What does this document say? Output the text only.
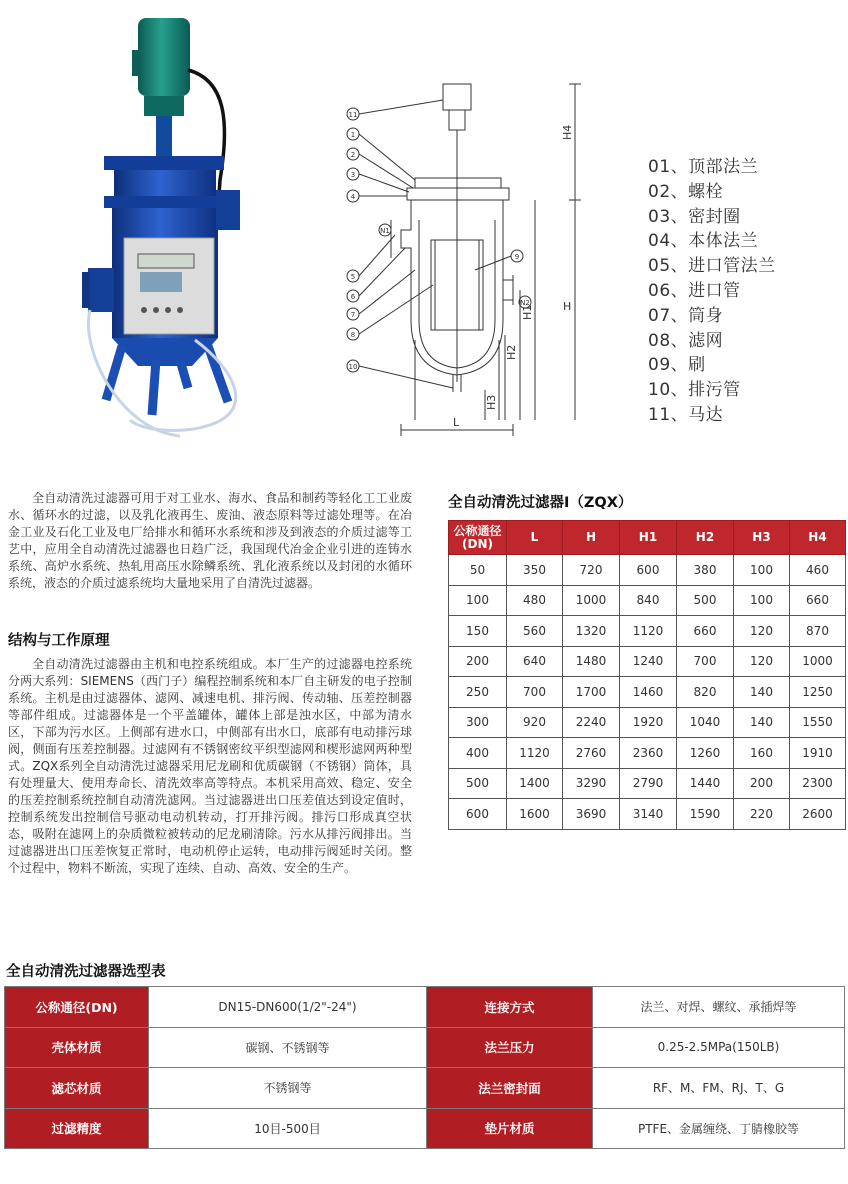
11
1
2
3
4
N1
5
6
7
8
9
N2
10
H4
H
H1
H2
H3
L
01、顶部法兰
02、螺栓
03、密封圈
04、本体法兰
05、进口管法兰
06、进口管
07、筒身
08、滤网
09、刷
10、排污管
11、马达
全自动清洗过滤器可用于对工业水、海水、食品和制药等轻化工工业废水、循环水的过滤，以及乳化液再生、废油、液态原料等过滤处理等。在冶金工业及石化工业及电厂给排水和循环水系统和涉及到液态的介质过滤等工艺中，应用全自动清洗过滤器也日趋广泛，我国现代冶金企业引进的连铸水系统、高炉水系统、热轧用高压水除鳞系统、乳化液系统以及封闭的水循环系统，液态的介质过滤系统均大量地采用了自清洗过滤器。
结构与工作原理
全自动清洗过滤器由主机和电控系统组成。本厂生产的过滤器电控系统分两大系列：SIEMENS（西门子）编程控制系统和本厂自主研发的电子控制系统。主机是由过滤器体、滤网、减速电机、排污阀、传动轴、压差控制器等部件组成。过滤器体是一个平盖罐体，罐体上部是浊水区，中部为清水区，下部为污水区。上侧部有进水口，中侧部有出水口，底部有电动排污球阀，侧面有压差控制器。过滤网有不锈钢密纹平织型滤网和楔形滤网两种型式。ZQX系列全自动清洗过滤器采用尼龙刷和优质碳钢（不锈钢）筒体，具有处理量大、使用寿命长、清洗效率高等特点。本机采用高效、稳定、安全的压差控制系统控制自动清洗滤网。当过滤器进出口压差值达到设定值时，控制系统发出控制信号驱动电动机转动，打开排污阀。排污口形成真空状态，吸附在滤网上的杂质微粒被转动的尼龙刷清除。污水从排污阀排出。当过滤器进出口压差恢复正常时，电动机停止运转，电动排污阀延时关闭。整个过程中，物料不断流，实现了连续、自动、高效、安全的生产。
全自动清洗过滤器Ⅰ（ZQX）
公称通径(DN)	L	H	H1	H2	H3	H4
50	350	720	600	380	100	460
100	480	1000	840	500	100	660
150	560	1320	1120	660	120	870
200	640	1480	1240	700	120	1000
250	700	1700	1460	820	140	1250
300	920	2240	1920	1040	140	1550
400	1120	2760	2360	1260	160	1910
500	1400	3290	2790	1440	200	2300
600	1600	3690	3140	1590	220	2600
全自动清洗过滤器选型表
公称通径(DN)	DN15-DN600(1/2"-24")	连接方式	法兰、对焊、螺纹、承插焊等
壳体材质	碳钢、不锈钢等	法兰压力	0.25-2.5MPa(150LB)
滤芯材质	不锈钢等	法兰密封面	RF、M、FM、RJ、T、G
过滤精度	10目-500目	垫片材质	PTFE、金属缠绕、丁腈橡胶等
